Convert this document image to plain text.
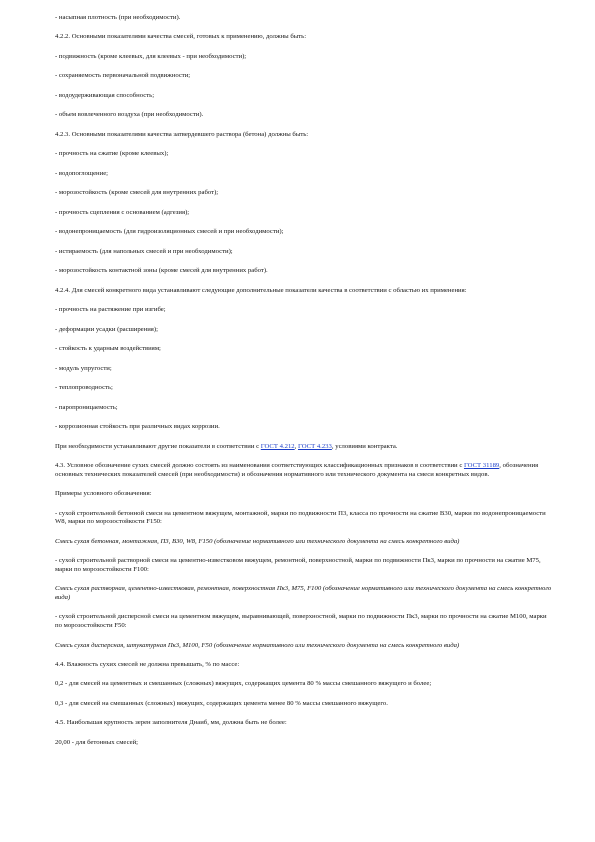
- насыпная плотность (при необходимости).

4.2.2. Основными показателями качества смесей, готовых к применению, должны быть:

- подвижность (кроме клеевых, для клеевых - при необходимости);

- сохраняемость первоначальной подвижности;

- водоудерживающая способность;

- объем вовлеченного воздуха (при необходимости).

4.2.3. Основными показателями качества затвердевшего раствора (бетона) должны быть:

- прочность на сжатие (кроме клеевых);

- водопоглощение;

- морозостойкость (кроме смесей для внутренних работ);

- прочность сцепления с основанием (адгезия);

- водонепроницаемость (для гидроизоляционных смесей и при необходимости);

- истираемость (для напольных смесей и при необходимости);

- морозостойкость контактной зоны (кроме смесей для внутренних работ).

4.2.4. Для смесей конкретного вида устанавливают следующие дополнительные показатели качества в соответствии с областью их применения:

- прочность на растяжение при изгибе;

- деформации усадки (расширения);

- стойкость к ударным воздействиям;

- модуль упругости;

- теплопроводность;

- паропроницаемость;

- коррозионная стойкость при различных видах коррозии.

При необходимости устанавливают другие показатели в соответствии с ГОСТ 4.212, ГОСТ 4.233, условиями контракта.

4.3. Условное обозначение сухих смесей должно состоять из наименования соответствующих классификационных признаков в соответствии с ГОСТ 31189, обозначения основных технических показателей смесей (при необходимости) и обозначения нормативного или технического документа на смеси конкретных видов.

Примеры условного обозначения:

- сухой строительной бетонной смеси на цементном вяжущем, монтажной, марки по подвижности П3, класса по прочности на сжатие B30, марки по водонепроницаемости W8, марки по морозостойкости F150:

Смесь сухая бетонная, монтажная, П3, B30, W8, F150 (обозначение нормативного или технического документа на смесь конкретного вида)

- сухой строительной растворной смеси на цементно-известковом вяжущем, ремонтной, поверхностной, марки по подвижности Пк3, марки по прочности на сжатие M75, марки по морозостойкости F100:

Смесь сухая растворная, цементно-известковая, ремонтная, поверхностная Пк3, M75, F100 (обозначение нормативного или технического документа на смесь конкретного вида)

- сухой строительной дисперсной смеси на цементном вяжущем, выравнивающей, поверхностной, марки по подвижности Пк3, марки по прочности на сжатие M100, марки по морозостойкости F50:

Смесь сухая дисперсная, штукатурная Пк3, M100, F50 (обозначение нормативного или технического документа на смесь конкретного вида)

4.4. Влажность сухих смесей не должна превышать, % по массе:

0,2 - для смесей на цементных и смешанных (сложных) вяжущих, содержащих цемента 80 % массы смешанного вяжущего и более;

0,3 - для смесей на смешанных (сложных) вяжущих, содержащих цемента менее 80 % массы смешанного вяжущего.

4.5. Наибольшая крупность зерен заполнителя Днаиб, мм, должна быть не более:

20,00 - для бетонных смесей;
